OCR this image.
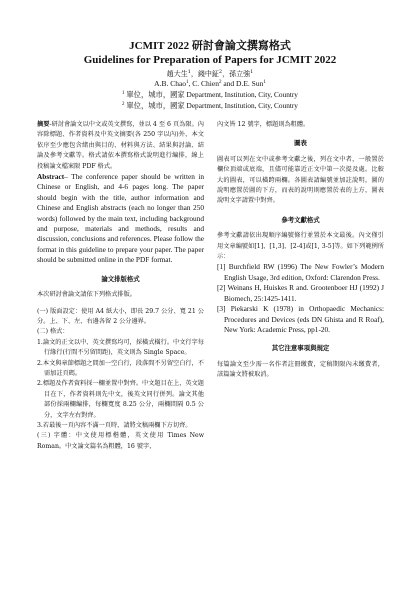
JCMIT 2022 研討會論文撰寫格式
Guidelines for Preparation of Papers for JCMIT 2022
趙大生$^1$，錢中鉦$^2$，孫立強$^1$
A.B. Chao$^1$, C. Chien$^2$ and D.E. Sun$^1$
$^1$ 單位，城市，國家 Department, Institution, City, Country
$^2$ 單位，城市，國家 Department, Institution, City, Country

摘要-研討會論文以中文或英文撰寫，並以 4 至 6 頁為限。內容除標題、作者資料及中英文摘要(各 250 字以內)外，本文依序至少應包含緒由與目的、材料與方法、結果與討論、結論及參考文獻等。格式請依本撰寫格式說明進行編排，線上投稿論文檔案限 PDF 格式。

Abstract– The conference paper should be written in Chinese or English, and 4-6 pages long. The paper should begin with the title, author information and Chinese and English abstracts (each no longer than 250 words) followed by the main text, including background and purpose, materials and methods, results and discussion, conclusions and references. Please follow the format in this guideline to prepare your paper. The paper should be submitted online in the PDF format.

論文排版格式

本次研討會論文請依下列格式排版。

(一) 版面設定：使用 A4 紙大小，即長 29.7 公分、寬 21 公分。上、下、左、右邊各留 2 公分邊界。

(二) 格式：

1.論文的正文以中、英文撰寫均可，採橫式橫行。中文行字每行緣行(行間不另留間距)，英文則為 Single Space。

2.本文與章節標題之間加一空白行，段落間不另留空白行，不需加註頁碼。

2.標題及作者資料採一欄並置中對齊。中文題目在上，英文題目在下，作者資料則先中文，後英文同行併列。論文其他部份採兩欄編排，每欄寬度 8.25 公分，兩欄間隔 0.5 公分，文字左右對齊。

3.若最後一頁內容不滿一頁時，請將文稿兩欄下方切齊。

(三) 字體：中文使用標楷體，英文使用 Times New Roman。中文論文篇名為粗體，16 號字，

內文皆 12 號字，標題則為粗體。

圖表

圖表可以列在文中或參考文獻之後，列在文中者，一般置於欄位頂端或底端，且儘可能靠近正文中第一次提及處。比較大的圖表，可以橫跨兩欄。各圖表請編號並加註說明，圖的說明應置於圖的下方，而表的說明則應置於表的上方，圖表說明文字請置中對齊。

參考文獻格式

參考文獻請依出現順序編號條行並置於本文最後。內文僅引用文章編號如[1]、[1,3]、[2-4]或[1, 3-5]等。如下列範例所示：

[1] Burchfield RW (1996) The New Fowler’s Modern English Usage, 3rd edition, Oxford: Clarendon Press.

[2] Weinans H, Huiskes R and. Grootenboer HJ (1992) J Biomech, 25:1425-1411.

[3] Piekarski K (1978) in Orthopaedic Mechanics: Procedures and Devices (eds DN Ghista and R Roaf), New York: Academic Press, pp1-20.

其它注意事項與規定

每篇論文至少需一名作者註冊繳費，定稿期限內未繳費者，該篇論文將被取消。
